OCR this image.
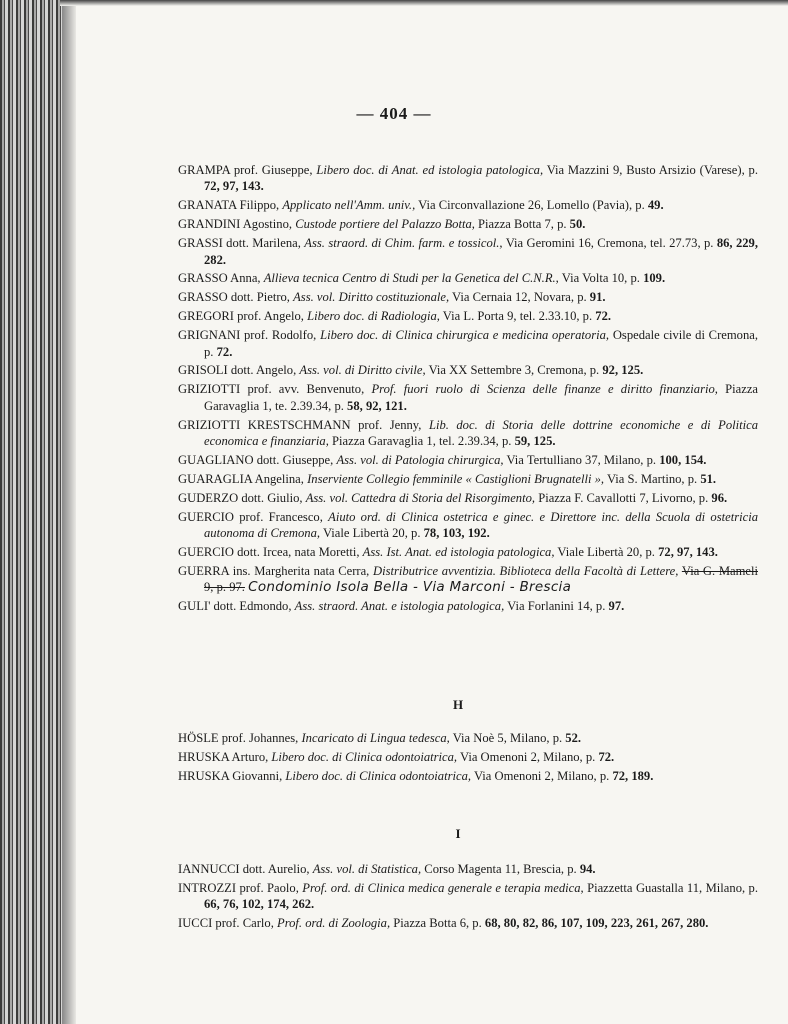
— 404 —

GRAMPA prof. Giuseppe, Libero doc. di Anat. ed istologia patologica, Via Mazzini 9, Busto Arsizio (Varese), p. 72, 97, 143.

GRANATA Filippo, Applicato nell'Amm. univ., Via Circonvallazione 26, Lomello (Pavia), p. 49.

GRANDINI Agostino, Custode portiere del Palazzo Botta, Piazza Botta 7, p. 50.

GRASSI dott. Marilena, Ass. straord. di Chim. farm. e tossicol., Via Geromini 16, Cremona, tel. 27.73, p. 86, 229, 282.

GRASSO Anna, Allieva tecnica Centro di Studi per la Genetica del C.N.R., Via Volta 10, p. 109.

GRASSO dott. Pietro, Ass. vol. Diritto costituzionale, Via Cernaia 12, Novara, p. 91.

GREGORI prof. Angelo, Libero doc. di Radiologia, Via L. Porta 9, tel. 2.33.10, p. 72.

GRIGNANI prof. Rodolfo, Libero doc. di Clinica chirurgica e medicina operatoria, Ospedale civile di Cremona, p. 72.

GRISOLI dott. Angelo, Ass. vol. di Diritto civile, Via XX Settembre 3, Cremona, p. 92, 125.

GRIZIOTTI prof. avv. Benvenuto, Prof. fuori ruolo di Scienza delle finanze e diritto finanziario, Piazza Garavaglia 1, te. 2.39.34, p. 58, 92, 121.

GRIZIOTTI KRESTSCHMANN prof. Jenny, Lib. doc. di Storia delle dottrine economiche e di Politica economica e finanziaria, Piazza Garavaglia 1, tel. 2.39.34, p. 59, 125.

GUAGLIANO dott. Giuseppe, Ass. vol. di Patologia chirurgica, Via Tertulliano 37, Milano, p. 100, 154.

GUARAGLIA Angelina, Inserviente Collegio femminile « Castiglioni Brugnatelli », Via S. Martino, p. 51.

GUDERZO dott. Giulio, Ass. vol. Cattedra di Storia del Risorgimento, Piazza F. Cavallotti 7, Livorno, p. 96.

GUERCIO prof. Francesco, Aiuto ord. di Clinica ostetrica e ginec. e Direttore inc. della Scuola di ostetricia autonoma di Cremona, Viale Libertà 20, p. 78, 103, 192.

GUERCIO dott. Ircea, nata Moretti, Ass. Ist. Anat. ed istologia patologica, Viale Libertà 20, p. 72, 97, 143.

GUERRA ins. Margherita nata Cerra, Distributrice avventizia. Biblioteca della Facoltà di Lettere, Via G. Mameli 9, p. 97. Condominio Isola Bella - Via Marconi - Brescia

GULI' dott. Edmondo, Ass. straord. Anat. e istologia patologica, Via Forlanini 14, p. 97.

H

HÖSLE prof. Johannes, Incaricato di Lingua tedesca, Via Noè 5, Milano, p. 52.

HRUSKA Arturo, Libero doc. di Clinica odontoiatrica, Via Omenoni 2, Milano, p. 72.

HRUSKA Giovanni, Libero doc. di Clinica odontoiatrica, Via Omenoni 2, Milano, p. 72, 189.

I

IANNUCCI dott. Aurelio, Ass. vol. di Statistica, Corso Magenta 11, Brescia, p. 94.

INTROZZI prof. Paolo, Prof. ord. di Clinica medica generale e terapia medica, Piazzetta Guastalla 11, Milano, p. 66, 76, 102, 174, 262.

IUCCI prof. Carlo, Prof. ord. di Zoologia, Piazza Botta 6, p. 68, 80, 82, 86, 107, 109, 223, 261, 267, 280.
